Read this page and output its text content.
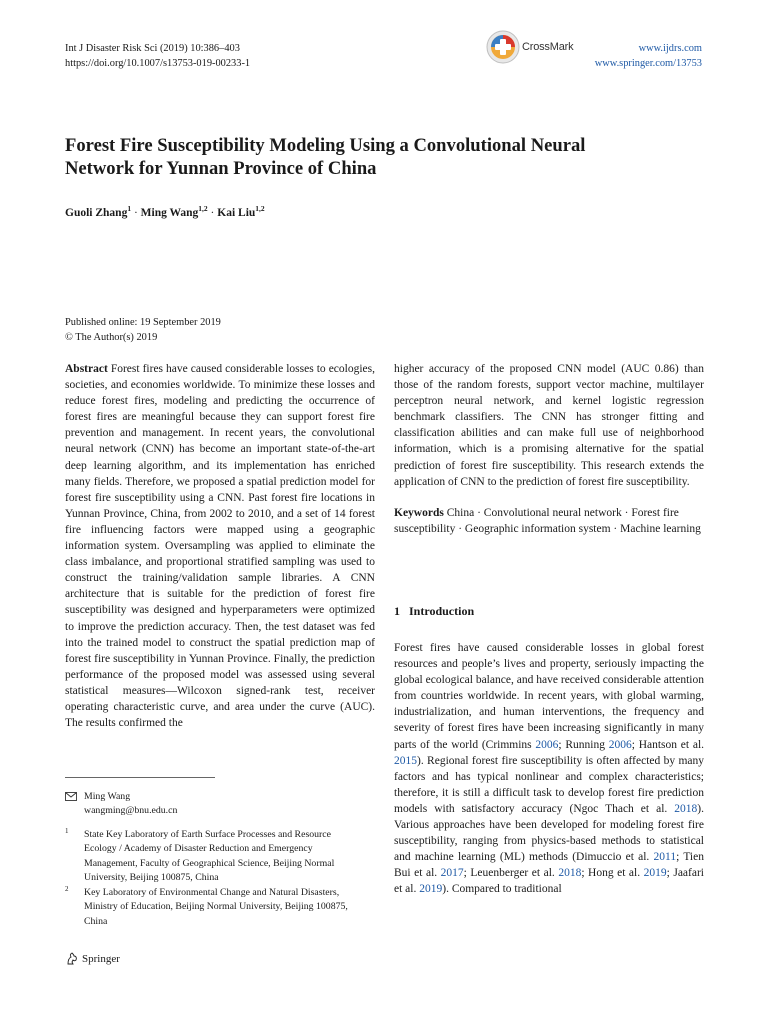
Int J Disaster Risk Sci (2019) 10:386–403
https://doi.org/10.1007/s13753-019-00233-1
CrossMark	www.ijdrs.com
www.springer.com/13753
Forest Fire Susceptibility Modeling Using a Convolutional Neural
Network for Yunnan Province of China
Guoli Zhang$^1$ · Ming Wang$^{1,2}$ · Kai Liu$^{1,2}$
Published online: 19 September 2019
© The Author(s) 2019
Abstract Forest fires have caused considerable losses to ecologies, societies, and economies worldwide. To minimize these losses and reduce forest fires, modeling and predicting the occurrence of forest fires are meaningful because they can support forest fire prevention and management. In recent years, the convolutional neural network (CNN) has become an important state-of-the-art deep learning algorithm, and its implementation has enriched many fields. Therefore, we proposed a spatial prediction model for forest fire susceptibility using a CNN. Past forest fire locations in Yunnan Province, China, from 2002 to 2010, and a set of 14 forest fire influencing factors were mapped using a geographic information system. Oversampling was applied to eliminate the class imbalance, and proportional stratified sampling was used to construct the training/validation sample libraries. A CNN architecture that is suitable for the prediction of forest fire susceptibility was designed and hyperparameters were optimized to improve the prediction accuracy. Then, the test dataset was fed into the trained model to construct the spatial prediction map of forest fire susceptibility in Yunnan Province. Finally, the prediction performance of the proposed model was assessed using several statistical measures—Wilcoxon signed-rank test, receiver operating characteristic curve, and area under the curve (AUC). The results confirmed the
higher accuracy of the proposed CNN model (AUC 0.86) than those of the random forests, support vector machine, multilayer perceptron neural network, and kernel logistic regression benchmark classifiers. The CNN has stronger fitting and classification abilities and can make full use of neighborhood information, which is a promising alternative for the spatial prediction of forest fire susceptibility. This research extends the application of CNN to the prediction of forest fire susceptibility.
Keywords China · Convolutional neural network · Forest fire susceptibility · Geographic information system · Machine learning
1 Introduction
Forest fires have caused considerable losses in global forest resources and people’s lives and property, seriously impacting the global ecological balance, and have received considerable attention from countries worldwide. In recent years, with global warming, industrialization, and human interventions, the frequency and severity of forest fires have been increasing significantly in many parts of the world (Crimmins 2006; Running 2006; Hantson et al. 2015). Regional forest fire susceptibility is often affected by many factors and has typical nonlinear and complex characteristics; therefore, it is still a difficult task to develop forest fire prediction models with satisfactory accuracy (Ngoc Thach et al. 2018). Various approaches have been developed for modeling forest fire susceptibility, ranging from physics-based methods to statistical and machine learning (ML) methods (Dimuccio et al. 2011; Tien Bui et al. 2017; Leuenberger et al. 2018; Hong et al. 2019; Jaafari et al. 2019). Compared to traditional
Ming Wang
wangming@bnu.edu.cn
1 State Key Laboratory of Earth Surface Processes and Resource Ecology / Academy of Disaster Reduction and Emergency Management, Faculty of Geographical Science, Beijing Normal University, Beijing 100875, China
2 Key Laboratory of Environmental Change and Natural Disasters, Ministry of Education, Beijing Normal University, Beijing 100875, China
Springer
